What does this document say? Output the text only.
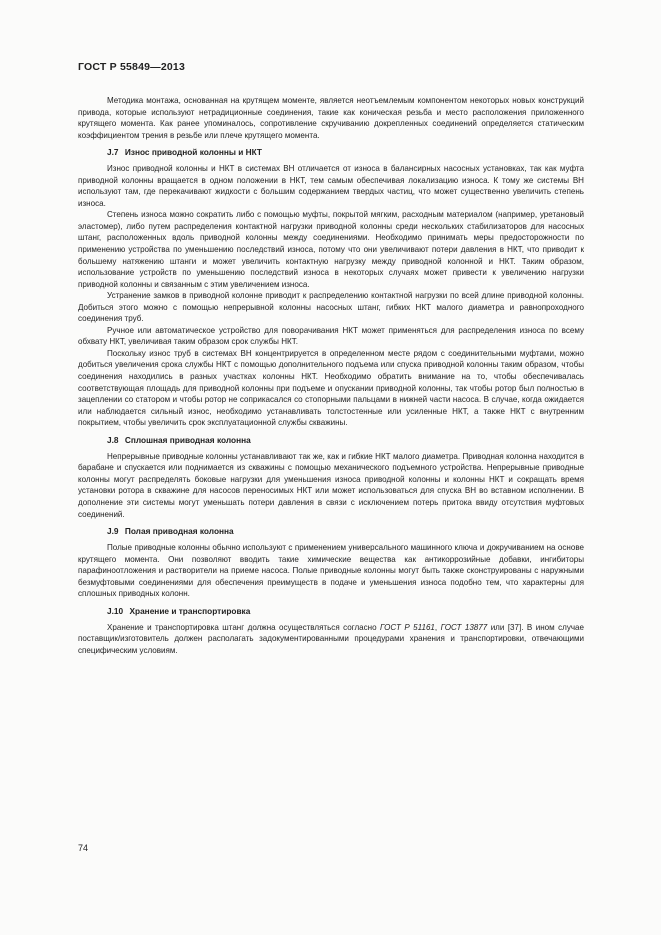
ГОСТ Р 55849—2013

Методика монтажа, основанная на крутящем моменте, является неотъемлемым компонентом некоторых новых конструкций привода, которые используют нетрадиционные соединения, такие как коническая резьба и место расположения приложенного крутящего момента. Как ранее упоминалось, сопротивление скручиванию докрепленных соединений определяется статическим коэффициентом трения в резьбе или плече крутящего момента.

J.7 Износ приводной колонны и НКТ

Износ приводной колонны и НКТ в системах ВН отличается от износа в балансирных насосных установках, так как муфта приводной колонны вращается в одном положении в НКТ, тем самым обеспечивая локализацию износа. К тому же системы ВН используют там, где перекачивают жидкости с большим содержанием твердых частиц, что может существенно увеличить степень износа.

Степень износа можно сократить либо с помощью муфты, покрытой мягким, расходным материалом (например, уретановый эластомер), либо путем распределения контактной нагрузки приводной колонны среди нескольких стабилизаторов для насосных штанг, расположенных вдоль приводной колонны между соединениями. Необходимо принимать меры предосторожности по применению устройства по уменьшению последствий износа, потому что они увеличивают потери давления в НКТ, что приводит к большему натяжению штанги и может увеличить контактную нагрузку между приводной колонной и НКТ. Таким образом, использование устройств по уменьшению последствий износа в некоторых случаях может привести к увеличению нагрузки приводной колонны и связанным с этим увеличением износа.

Устранение замков в приводной колонне приводит к распределению контактной нагрузки по всей длине приводной колонны. Добиться этого можно с помощью непрерывной колонны насосных штанг, гибких НКТ малого диаметра и равнопроходного соединения труб.

Ручное или автоматическое устройство для поворачивания НКТ может применяться для распределения износа по всему обхвату НКТ, увеличивая таким образом срок службы НКТ.

Поскольку износ труб в системах ВН концентрируется в определенном месте рядом с соединительными муфтами, можно добиться увеличения срока службы НКТ с помощью дополнительного подъема или спуска приводной колонны таким образом, чтобы соединения находились в разных участках колонны НКТ. Необходимо обратить внимание на то, чтобы обеспечивалась соответствующая площадь для приводной колонны при подъеме и опускании приводной колонны, так чтобы ротор был полностью в зацеплении со статором и чтобы ротор не соприкасался со стопорными пальцами в нижней части насоса. В случае, когда ожидается или наблюдается сильный износ, необходимо устанавливать толстостенные или усиленные НКТ, а также НКТ с внутренним покрытием, чтобы увеличить срок эксплуатационной службы скважины.

J.8 Сплошная приводная колонна

Непрерывные приводные колонны устанавливают так же, как и гибкие НКТ малого диаметра. Приводная колонна находится в барабане и спускается или поднимается из скважины с помощью механического подъемного устройства. Непрерывные приводные колонны могут распределять боковые нагрузки для уменьшения износа приводной колонны и колонны НКТ и сокращать время установки ротора в скважине для насосов переносимых НКТ или может использоваться для спуска ВН во вставном исполнении. В дополнение эти системы могут уменьшать потери давления в связи с исключением потерь притока ввиду отсутствия муфтовых соединений.

J.9 Полая приводная колонна

Полые приводные колонны обычно используют с применением универсального машинного ключа и докручиванием на основе крутящего момента. Они позволяют вводить такие химические вещества как антикоррозийные добавки, ингибиторы парафиноотложения и растворители на приеме насоса. Полые приводные колонны могут быть также сконструированы с наружными безмуфтовыми соединениями для обеспечения преимуществ в подаче и уменьшения износа подобно тем, что характерны для сплошных приводных колонн.

J.10 Хранение и транспортировка

Хранение и транспортировка штанг должна осуществляться согласно ГОСТ Р 51161, ГОСТ 13877 или [37]. В ином случае поставщик/изготовитель должен располагать задокументированными процедурами хранения и транспортировки, отвечающими специфическим условиям.

74
